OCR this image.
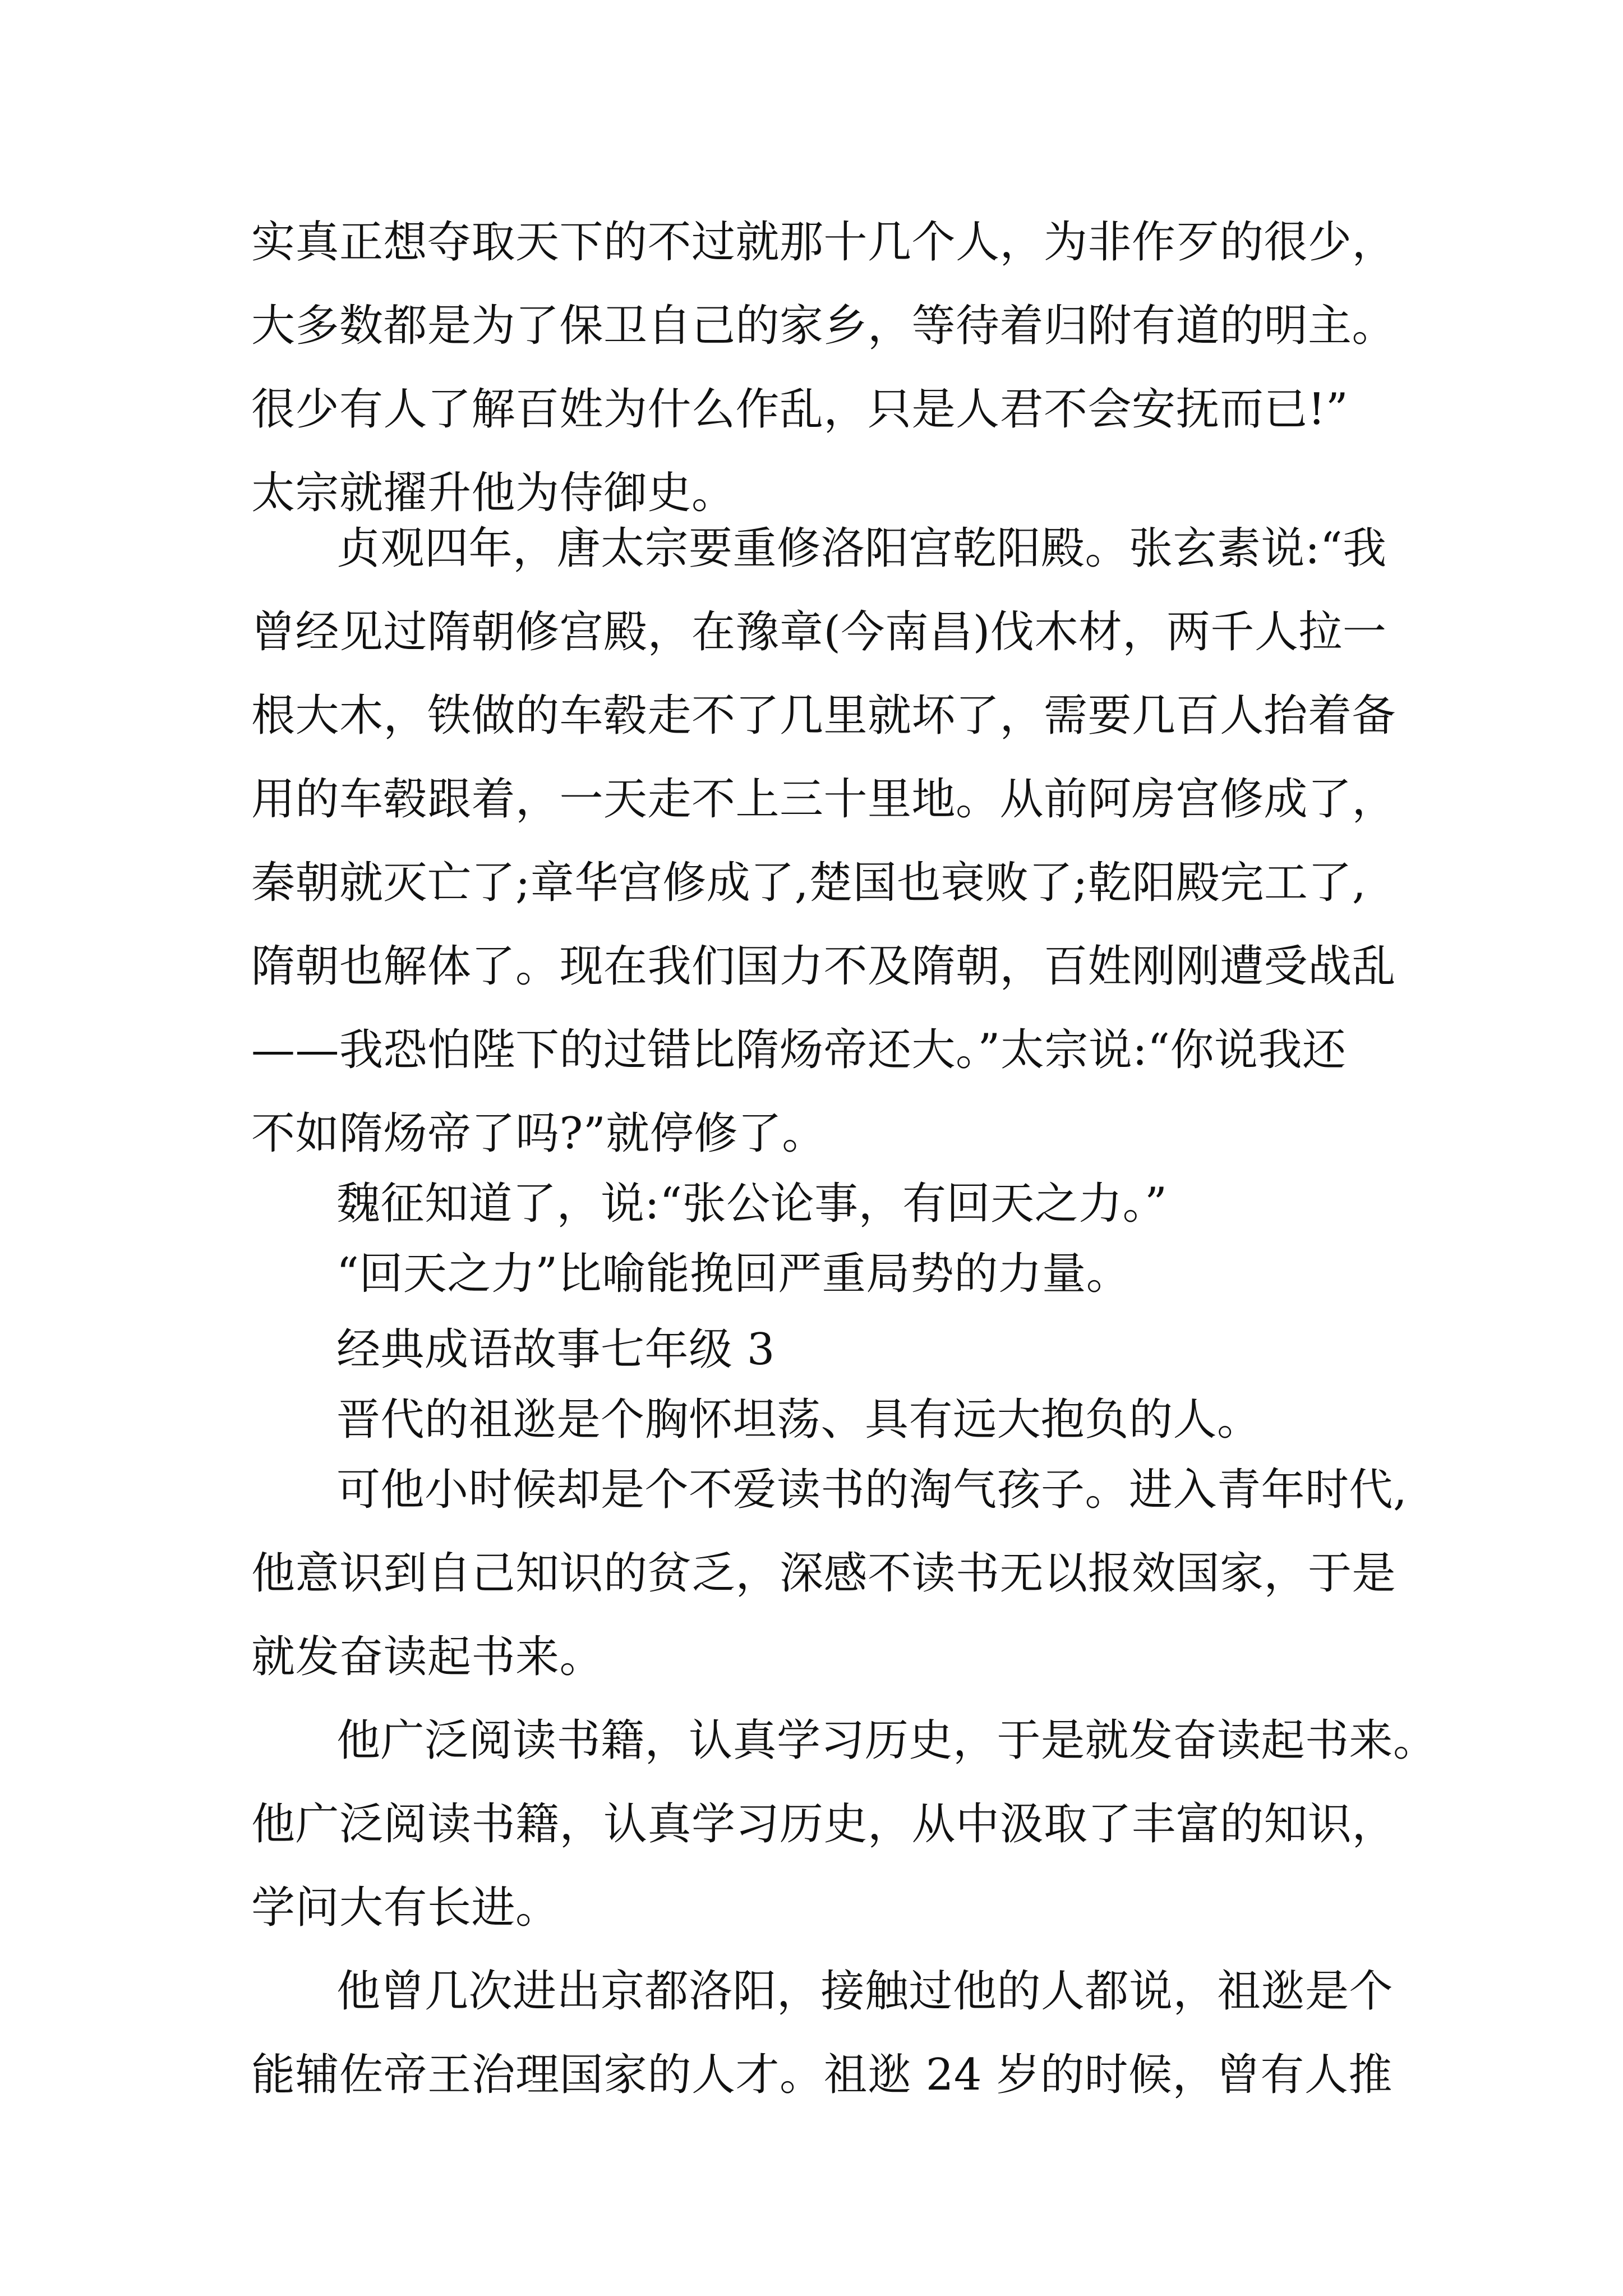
实真正想夺取天下的不过就那十几个人，为非作歹的很少，

大多数都是为了保卫自己的家乡，等待着归附有道的明主。

很少有人了解百姓为什么作乱，只是人君不会安抚而已!”

太宗就擢升他为侍御史。

贞观四年，唐太宗要重修洛阳宫乾阳殿。张玄素说:“我

曾经见过隋朝修宫殿，在豫章(今南昌)伐木材，两千人拉一

根大木，铁做的车毂走不了几里就坏了，需要几百人抬着备

用的车毂跟着，一天走不上三十里地。从前阿房宫修成了，

秦朝就灭亡了;章华宫修成了,楚国也衰败了;乾阳殿完工了,

隋朝也解体了。现在我们国力不及隋朝，百姓刚刚遭受战乱

——我恐怕陛下的过错比隋炀帝还大。”太宗说:“你说我还

不如隋炀帝了吗?”就停修了。

魏征知道了，说:“张公论事，有回天之力。”

“回天之力”比喻能挽回严重局势的力量。

经典成语故事七年级 3

晋代的祖逖是个胸怀坦荡、具有远大抱负的人。

可他小时候却是个不爱读书的淘气孩子。进入青年时代,

他意识到自己知识的贫乏，深感不读书无以报效国家，于是

就发奋读起书来。

他广泛阅读书籍，认真学习历史，于是就发奋读起书来。

他广泛阅读书籍，认真学习历史，从中汲取了丰富的知识，

学问大有长进。

他曾几次进出京都洛阳，接触过他的人都说，祖逖是个

能辅佐帝王治理国家的人才。祖逖 24 岁的时候，曾有人推
